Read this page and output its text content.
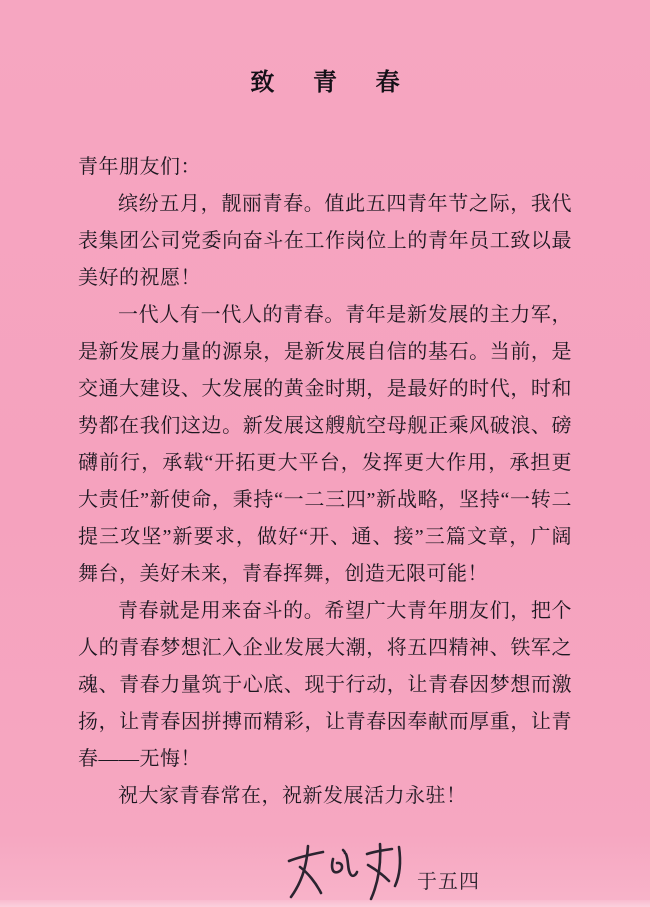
致 青 春

青年朋友们：

缤纷五月，靓丽青春。值此五四青年节之际，我代表集团公司党委向奋斗在工作岗位上的青年员工致以最美好的祝愿！

一代人有一代人的青春。青年是新发展的主力军，是新发展力量的源泉，是新发展自信的基石。当前，是交通大建设、大发展的黄金时期，是最好的时代，时和势都在我们这边。新发展这艘航空母舰正乘风破浪、磅礴前行，承载“开拓更大平台，发挥更大作用，承担更大责任”新使命，秉持“一二三四”新战略，坚持“一转二提三攻坚”新要求，做好“开、通、接”三篇文章，广阔舞台，美好未来，青春挥舞，创造无限可能！

青春就是用来奋斗的。希望广大青年朋友们，把个人的青春梦想汇入企业发展大潮，将五四精神、铁军之魂、青春力量筑于心底、现于行动，让青春因梦想而激扬，让青春因拼搏而精彩，让青春因奉献而厚重，让青春——无悔！

祝大家青春常在，祝新发展活力永驻！

于五四
